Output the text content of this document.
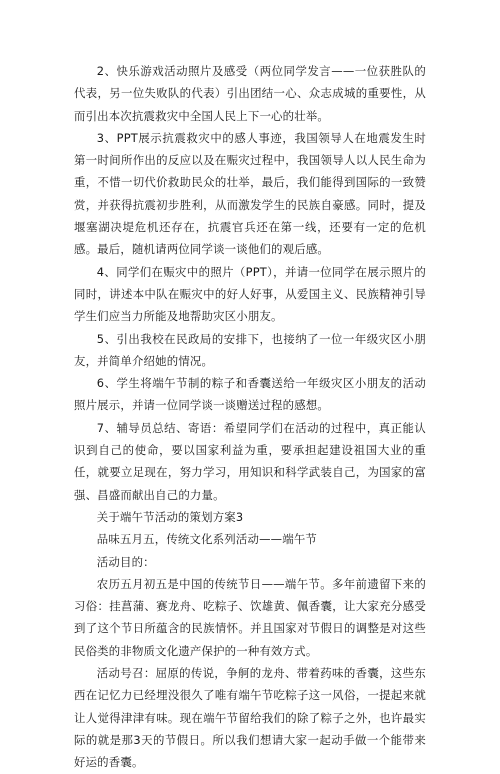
2、快乐游戏活动照片及感受（两位同学发言——一位获胜队的代表，另一位失败队的代表）引出团结一心、众志成城的重要性，从而引出本次抗震救灾中全国人民上下一心的壮举。

3、PPT展示抗震救灾中的感人事迹，我国领导人在地震发生时第一时间所作出的反应以及在赈灾过程中，我国领导人以人民生命为重，不惜一切代价救助民众的壮举，最后，我们能得到国际的一致赞赏，并获得抗震初步胜利，从而激发学生的民族自豪感。同时，提及堰塞湖决堤危机还存在，抗震官兵还在第一线，还要有一定的危机感。最后，随机请两位同学谈一谈他们的观后感。

4、同学们在赈灾中的照片（PPT），并请一位同学在展示照片的同时，讲述本中队在赈灾中的好人好事，从爱国主义、民族精神引导学生们应当力所能及地帮助灾区小朋友。

5、引出我校在民政局的安排下，也接纳了一位一年级灾区小朋友，并简单介绍她的情况。

6、学生将端午节制的粽子和香囊送给一年级灾区小朋友的活动照片展示，并请一位同学谈一谈赠送过程的感想。

7、辅导员总结、寄语：希望同学们在活动的过程中，真正能认识到自己的使命，要以国家利益为重，要承担起建设祖国大业的重任，就要立足现在，努力学习，用知识和科学武装自己，为国家的富强、昌盛而献出自己的力量。

关于端午节活动的策划方案3

品味五月五，传统文化系列活动——端午节

活动目的：

农历五月初五是中国的传统节日——端午节。多年前遗留下来的习俗：挂菖蒲、赛龙舟、吃粽子、饮雄黄、佩香囊，让大家充分感受到了这个节日所蕴含的民族情怀。并且国家对节假日的调整是对这些民俗类的非物质文化遗产保护的一种有效方式。

活动号召：屈原的传说，争舸的龙舟、带着药味的香囊，这些东西在记忆力已经埋没很久了唯有端午节吃粽子这一风俗，一提起来就让人觉得津津有味。现在端午节留给我们的除了粽子之外，也许最实际的就是那3天的节假日。所以我们想请大家一起动手做一个能带来好运的香囊。
